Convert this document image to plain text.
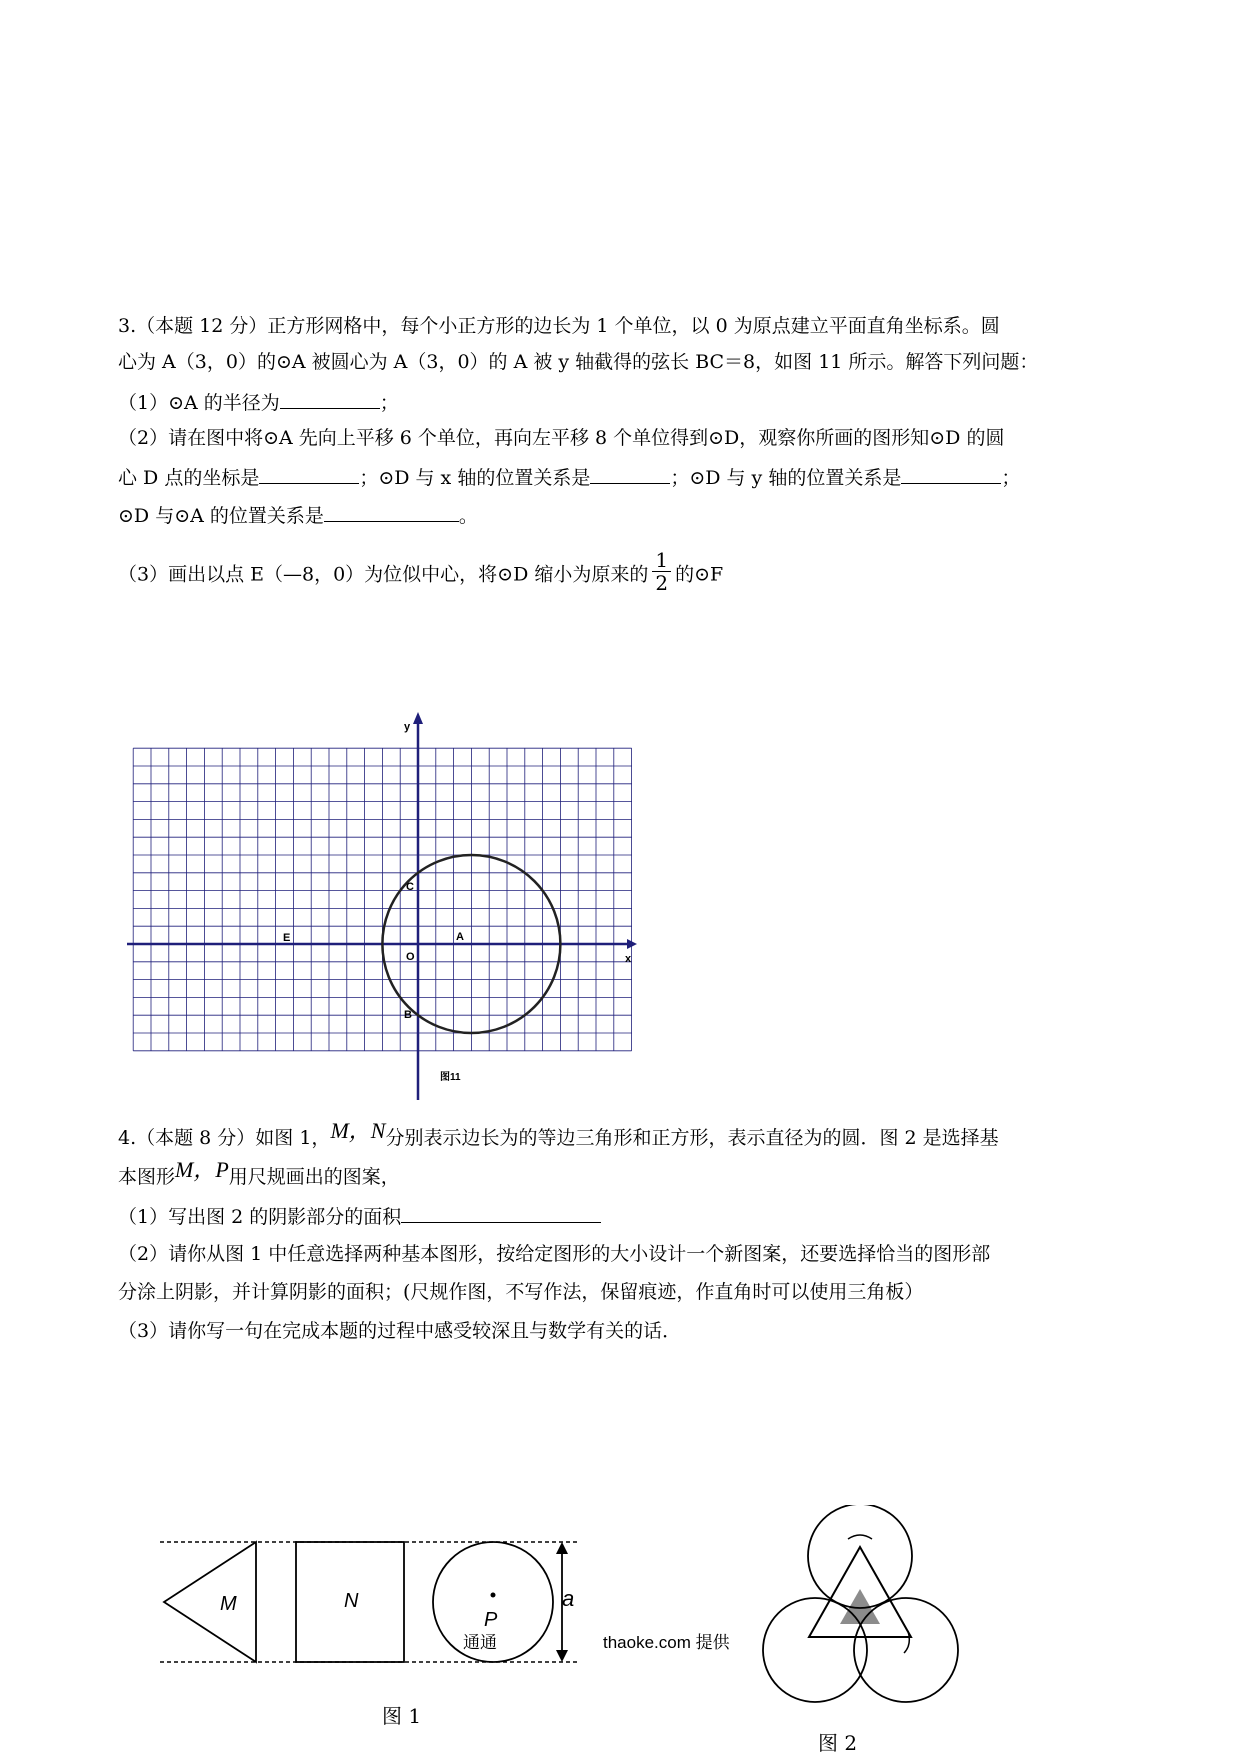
3.（本题 12 分）正方形网格中，每个小正方形的边长为 1 个单位，以 0 为原点建立平面直角坐标系。圆
心为 A（3，0）的⊙A 被圆心为 A（3，0）的 A 被 y 轴截得的弦长 BC＝8，如图 11 所示。解答下列问题：
（1）⊙A 的半径为	；
（2）请在图中将⊙A 先向上平移 6 个单位，再向左平移 8 个单位得到⊙D，观察你所画的图形知⊙D 的圆
心 D 点的坐标是	；⊙D 与 x 轴的位置关系是	；⊙D 与 y 轴的位置关系是	；
⊙D 与⊙A 的位置关系是	。
（3）画出以点 E（—8，0）为位似中心，将⊙D 缩小为原来的 $\frac{1}{2}$ 的⊙F
y
x
C
E
O
A
B
图11
4.（本题 8 分）如图 1，M，N分别表示边长为的等边三角形和正方形，表示直径为的圆．图 2 是选择基
本图形M，P用尺规画出的图案，
（1）写出图 2 的阴影部分的面积
（2）请你从图 1 中任意选择两种基本图形，按给定图形的大小设计一个新图案，还要选择恰当的图形部
分涂上阴影，并计算阴影的面积；(尺规作图，不写作法，保留痕迹，作直角时可以使用三角板）
（3）请你写一句在完成本题的过程中感受较深且与数学有关的话．
M	N
P
a
图 1
通通	thaoke.com 提供
图 2
